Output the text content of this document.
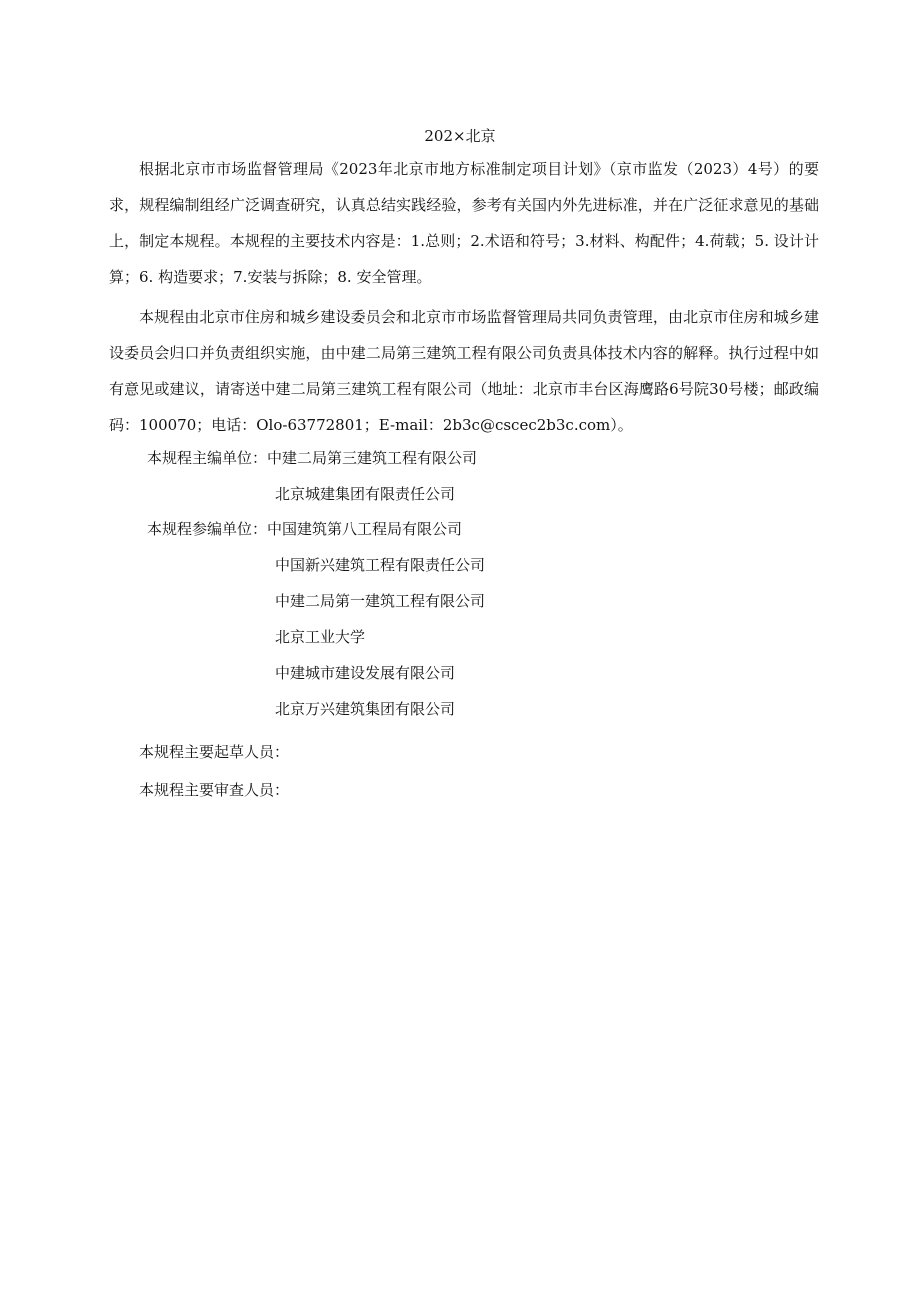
202×北京

根据北京市市场监督管理局《2023年北京市地方标准制定项目计划》（京市监发（2023）4号）的要求，规程编制组经广泛调查研究，认真总结实践经验，参考有关国内外先进标准，并在广泛征求意见的基础上，制定本规程。本规程的主要技术内容是：1.总则；2.术语和符号；3.材料、构配件；4.荷载；5. 设计计算；6. 构造要求；7.安装与拆除；8. 安全管理。

本规程由北京市住房和城乡建设委员会和北京市市场监督管理局共同负责管理，由北京市住房和城乡建设委员会归口并负责组织实施，由中建二局第三建筑工程有限公司负责具体技术内容的解释。执行过程中如有意见或建议，请寄送中建二局第三建筑工程有限公司（地址：北京市丰台区海鹰路6号院30号楼；邮政编码：100070；电话：Olo-63772801；E-mail：2b3c@cscec2b3c.com）。

本规程主编单位：中建二局第三建筑工程有限公司
北京城建集团有限责任公司
本规程参编单位：中国建筑第八工程局有限公司
中国新兴建筑工程有限责任公司
中建二局第一建筑工程有限公司
北京工业大学
中建城市建设发展有限公司
北京万兴建筑集团有限公司
本规程主要起草人员：
本规程主要审查人员：
